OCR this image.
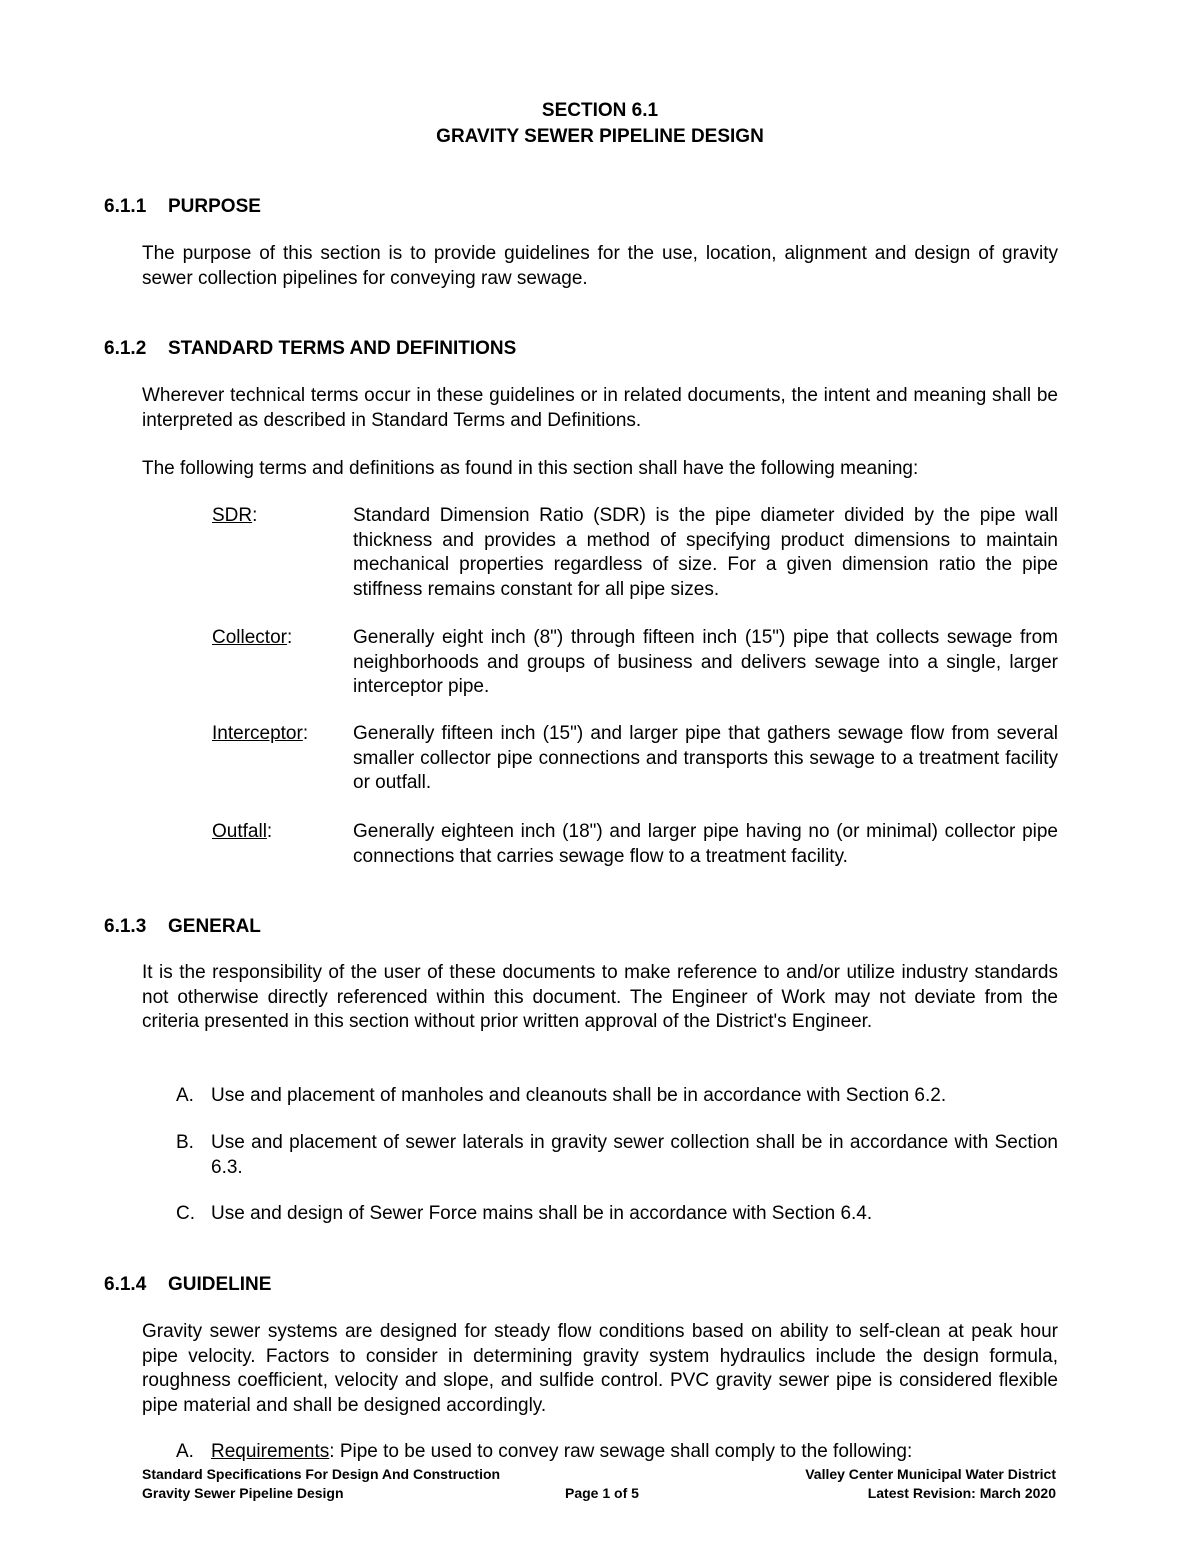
SECTION 6.1
GRAVITY SEWER PIPELINE DESIGN
6.1.1 PURPOSE
The purpose of this section is to provide guidelines for the use, location, alignment and design of gravity sewer collection pipelines for conveying raw sewage.
6.1.2 STANDARD TERMS AND DEFINITIONS
Wherever technical terms occur in these guidelines or in related documents, the intent and meaning shall be interpreted as described in Standard Terms and Definitions.
The following terms and definitions as found in this section shall have the following meaning:
SDR:	Standard Dimension Ratio (SDR) is the pipe diameter divided by the pipe wall thickness and provides a method of specifying product dimensions to maintain mechanical properties regardless of size. For a given dimension ratio the pipe stiffness remains constant for all pipe sizes.
Collector:	Generally eight inch (8") through fifteen inch (15") pipe that collects sewage from neighborhoods and groups of business and delivers sewage into a single, larger interceptor pipe.
Interceptor: Generally fifteen inch (15") and larger pipe that gathers sewage flow from several smaller collector pipe connections and transports this sewage to a treatment facility or outfall.
Outfall:	Generally eighteen inch (18") and larger pipe having no (or minimal) collector pipe connections that carries sewage flow to a treatment facility.
6.1.3 GENERAL
It is the responsibility of the user of these documents to make reference to and/or utilize industry standards not otherwise directly referenced within this document. The Engineer of Work may not deviate from the criteria presented in this section without prior written approval of the District's Engineer.
A. Use and placement of manholes and cleanouts shall be in accordance with Section 6.2.
B. Use and placement of sewer laterals in gravity sewer collection shall be in accordance with Section 6.3.
C. Use and design of Sewer Force mains shall be in accordance with Section 6.4.
6.1.4 GUIDELINE
Gravity sewer systems are designed for steady flow conditions based on ability to self-clean at peak hour pipe velocity. Factors to consider in determining gravity system hydraulics include the design formula, roughness coefficient, velocity and slope, and sulfide control. PVC gravity sewer pipe is considered flexible pipe material and shall be designed accordingly.
A. Requirements: Pipe to be used to convey raw sewage shall comply to the following:
Standard Specifications For Design And Construction
Gravity Sewer Pipeline Design	Page 1 of 5
Valley Center Municipal Water District
Latest Revision: March 2020
